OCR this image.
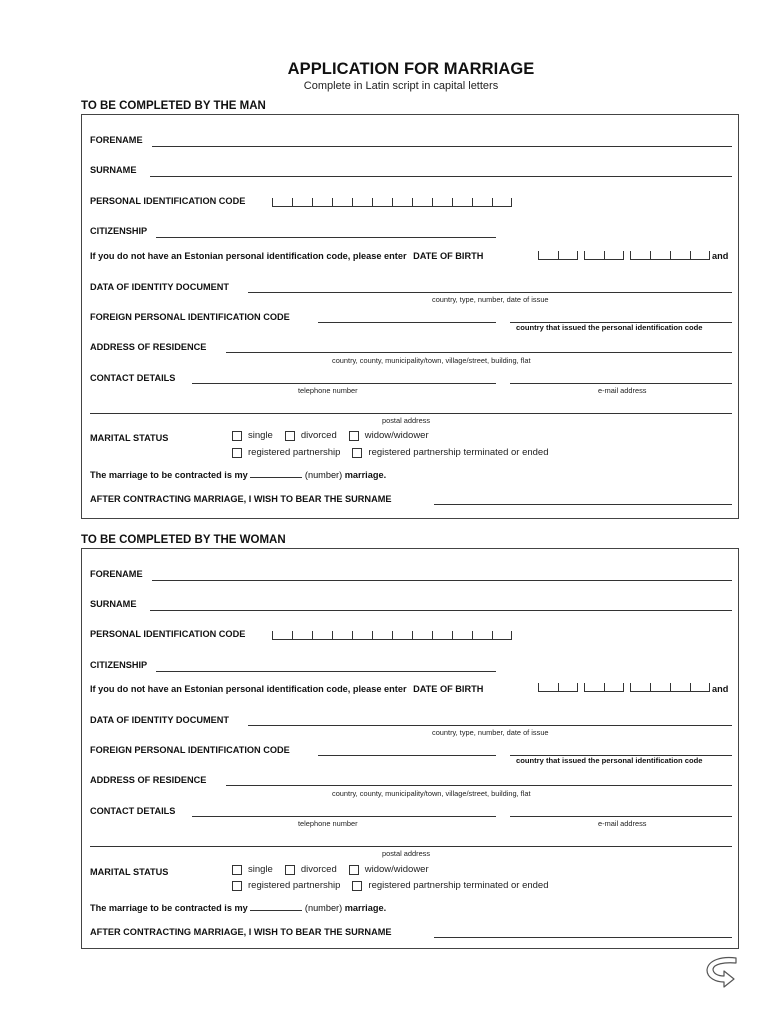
APPLICATION FOR MARRIAGE
Complete in Latin script in capital letters
TO BE COMPLETED BY THE MAN
FORENAME
SURNAME
PERSONAL IDENTIFICATION CODE
CITIZENSHIP
If you do not have an Estonian personal identification code, please enter DATE OF BIRTH	and
DATA OF IDENTITY DOCUMENT
country, type, number, date of issue
FOREIGN PERSONAL IDENTIFICATION CODE
country that issued the personal identification code
ADDRESS OF RESIDENCE
country, county, municipality/town, village/street, building, flat
CONTACT DETAILS
telephone number	e-mail address
postal address
MARITAL STATUS	single	divorced	widow/widower
registered partnership	registered partnership terminated or ended
The marriage to be contracted is my	(number) marriage.
AFTER CONTRACTING MARRIAGE, I WISH TO BEAR THE SURNAME
TO BE COMPLETED BY THE WOMAN
FORENAME
SURNAME
PERSONAL IDENTIFICATION CODE
CITIZENSHIP
If you do not have an Estonian personal identification code, please enter DATE OF BIRTH	and
DATA OF IDENTITY DOCUMENT
country, type, number, date of issue
FOREIGN PERSONAL IDENTIFICATION CODE
country that issued the personal identification code
ADDRESS OF RESIDENCE
country, county, municipality/town, village/street, building, flat
CONTACT DETAILS
telephone number	e-mail address
postal address
MARITAL STATUS	single	divorced	widow/widower
registered partnership	registered partnership terminated or ended
The marriage to be contracted is my	(number) marriage.
AFTER CONTRACTING MARRIAGE, I WISH TO BEAR THE SURNAME
